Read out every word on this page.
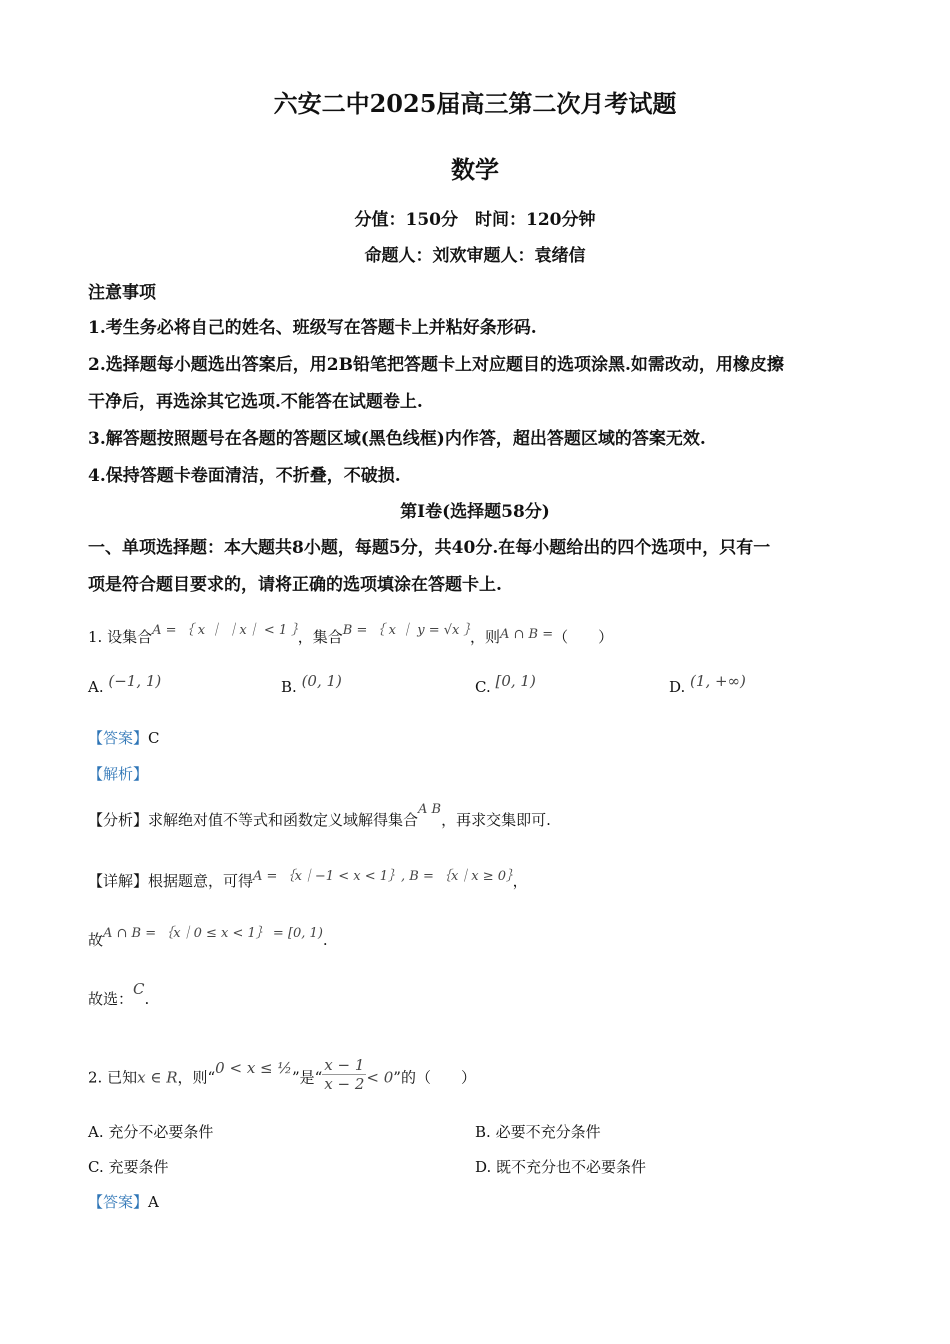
六安二中2025届高三第二次月考试题
数学
分值：150分　时间：120分钟
命题人：刘欢审题人：袁绪信
注意事项
1.考生务必将自己的姓名、班级写在答题卡上并粘好条形码.
2.选择题每小题选出答案后，用2B铅笔把答题卡上对应题目的选项涂黑.如需改动，用橡皮擦
干净后，再选涂其它选项.不能答在试题卷上.
3.解答题按照题号在各题的答题区域(黑色线框)内作答，超出答题区域的答案无效.
4.保持答题卡卷面清洁，不折叠，不破损.
第Ⅰ卷(选择题58分)
一、单项选择题：本大题共8小题，每题5分，共40分.在每小题给出的四个选项中，只有一
项是符合题目要求的，请将正确的选项填涂在答题卡上.
1. 设集合A = ｛ x ｜ ｜x｜ < 1 ｝，集合B = ｛ x ｜ y = √x ｝，则A ∩ B =（　　）
A. (−1, 1)	B. (0, 1)	C. [0, 1)	D. (1, +∞)
【答案】C
【解析】
【分析】求解绝对值不等式和函数定义域解得集合A B，再求交集即可.
【详解】根据题意，可得A = ｛x｜−1 < x < 1｝, B = ｛x｜x ≥ 0｝，
故A ∩ B = ｛x｜0 ≤ x < 1｝ = [0, 1).
故选：C.
2. 已知x ∈ R，则“0 < x ≤ ½”是“ $\frac{x - 1}{x - 2} < 0$”的（　　）
A. 充分不必要条件	B. 必要不充分条件
C. 充要条件	D. 既不充分也不必要条件
【答案】A
